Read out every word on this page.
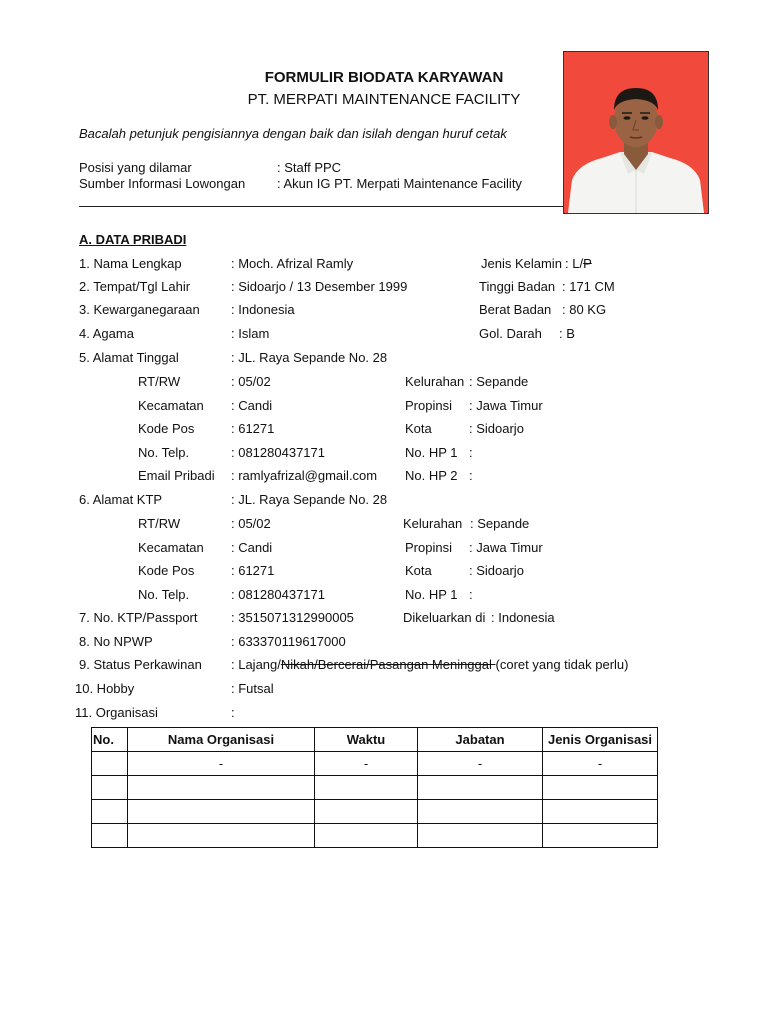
FORMULIR BIODATA KARYAWAN
PT. MERPATI MAINTENANCE FACILITY
Bacalah petunjuk pengisiannya dengan baik dan isilah dengan huruf cetak
Posisi yang dilamar	: Staff PPC
Sumber Informasi Lowongan : Akun IG PT. Merpati Maintenance Facility
A. DATA PRIBADI
1. Nama Lengkap	: Moch. Afrizal Ramly	Jenis Kelamin : L/P
2. Tempat/Tgl Lahir	: Sidoarjo / 13 Desember 1999	Tinggi Badan : 171 CM
3. Kewarganegaraan : Indonesia	Berat Badan : 80 KG
4. Agama	: Islam	Gol. Darah : B
5. Alamat Tinggal	: JL. Raya Sepande No. 28
RT/RW	: 05/02	Kelurahan : Sepande
Kecamatan : Candi	Propinsi : Jawa Timur
Kode Pos	: 61271	Kota	: Sidoarjo
No. Telp.	: 081280437171	No. HP 1 :
Email Pribadi : ramlyafrizal@gmail.com No. HP 2 :
6. Alamat KTP	: JL. Raya Sepande No. 28
RT/RW	: 05/02	Kelurahan : Sepande
Kecamatan : Candi	Propinsi : Jawa Timur
Kode Pos	: 61271	Kota	: Sidoarjo
No. Telp.	: 081280437171	No. HP 1 :
7. No. KTP/Passport	: 3515071312990005	Dikeluarkan di : Indonesia
8. No NPWP	: 633370119617000
9. Status Perkawinan : Lajang/Nikah/Bercerai/Pasangan Meninggal (coret yang tidak perlu)
10. Hobby	: Futsal
11. Organisasi	:
No.	Nama Organisasi	Waktu	Jabatan	Jenis Organisasi
	-	-	-	-
